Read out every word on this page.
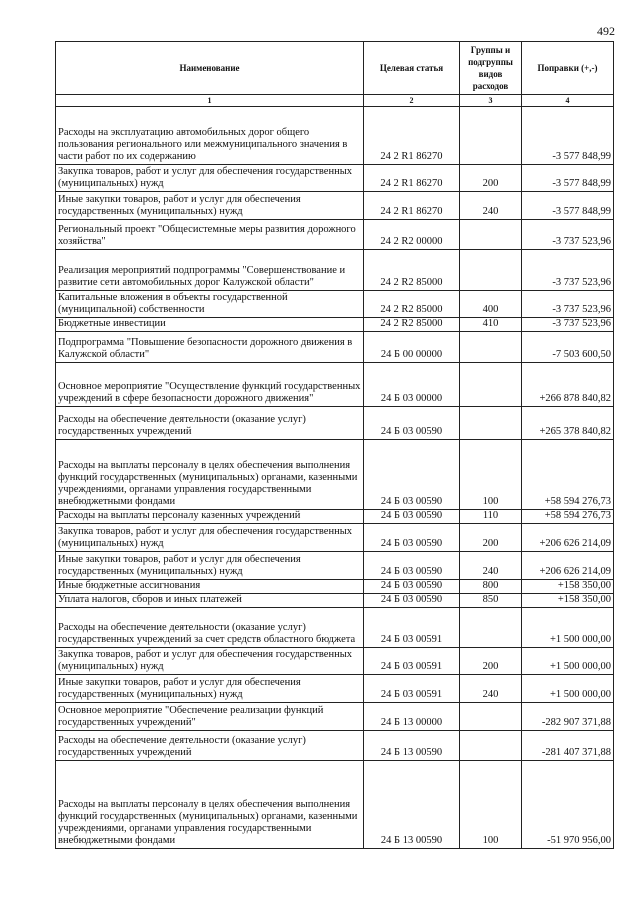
492
Наименование	Целевая статья	Группы и подгруппы видов расходов	Поправки (+,-)
1	2	3	4
Расходы на эксплуатацию автомобильных дорог общего пользования регионального или межмуниципального значения в части работ по их содержанию	24 2 R1 86270		-3 577 848,99
Закупка товаров, работ и услуг для обеспечения государственных (муниципальных) нужд	24 2 R1 86270	200	-3 577 848,99
Иные закупки товаров, работ и услуг для обеспечения государственных (муниципальных) нужд	24 2 R1 86270	240	-3 577 848,99
Региональный проект "Общесистемные меры развития дорожного хозяйства"	24 2 R2 00000		-3 737 523,96
Реализация мероприятий подпрограммы "Совершенствование и развитие сети автомобильных дорог Калужской области"	24 2 R2 85000		-3 737 523,96
Капитальные вложения в объекты государственной (муниципальной) собственности	24 2 R2 85000	400	-3 737 523,96
Бюджетные инвестиции	24 2 R2 85000	410	-3 737 523,96
Подпрограмма "Повышение безопасности дорожного движения в Калужской области"	24 Б 00 00000		-7 503 600,50
Основное мероприятие "Осуществление функций государственных учреждений в сфере безопасности дорожного движения"	24 Б 03 00000		+266 878 840,82
Расходы на обеспечение деятельности (оказание услуг) государственных учреждений	24 Б 03 00590		+265 378 840,82
Расходы на выплаты персоналу в целях обеспечения выполнения функций государственных (муниципальных) органами, казенными учреждениями, органами управления государственными внебюджетными фондами	24 Б 03 00590	100	+58 594 276,73
Расходы на выплаты персоналу казенных учреждений	24 Б 03 00590	110	+58 594 276,73
Закупка товаров, работ и услуг для обеспечения государственных (муниципальных) нужд	24 Б 03 00590	200	+206 626 214,09
Иные закупки товаров, работ и услуг для обеспечения государственных (муниципальных) нужд	24 Б 03 00590	240	+206 626 214,09
Иные бюджетные ассигнования	24 Б 03 00590	800	+158 350,00
Уплата налогов, сборов и иных платежей	24 Б 03 00590	850	+158 350,00
Расходы на обеспечение деятельности (оказание услуг) государственных учреждений за счет средств областного бюджета	24 Б 03 00591		+1 500 000,00
Закупка товаров, работ и услуг для обеспечения государственных (муниципальных) нужд	24 Б 03 00591	200	+1 500 000,00
Иные закупки товаров, работ и услуг для обеспечения государственных (муниципальных) нужд	24 Б 03 00591	240	+1 500 000,00
Основное мероприятие "Обеспечение реализации функций государственных учреждений"	24 Б 13 00000		-282 907 371,88
Расходы на обеспечение деятельности (оказание услуг) государственных учреждений	24 Б 13 00590		-281 407 371,88
Расходы на выплаты персоналу в целях обеспечения выполнения функций государственных (муниципальных) органами, казенными учреждениями, органами управления государственными внебюджетными фондами	24 Б 13 00590	100	-51 970 956,00
